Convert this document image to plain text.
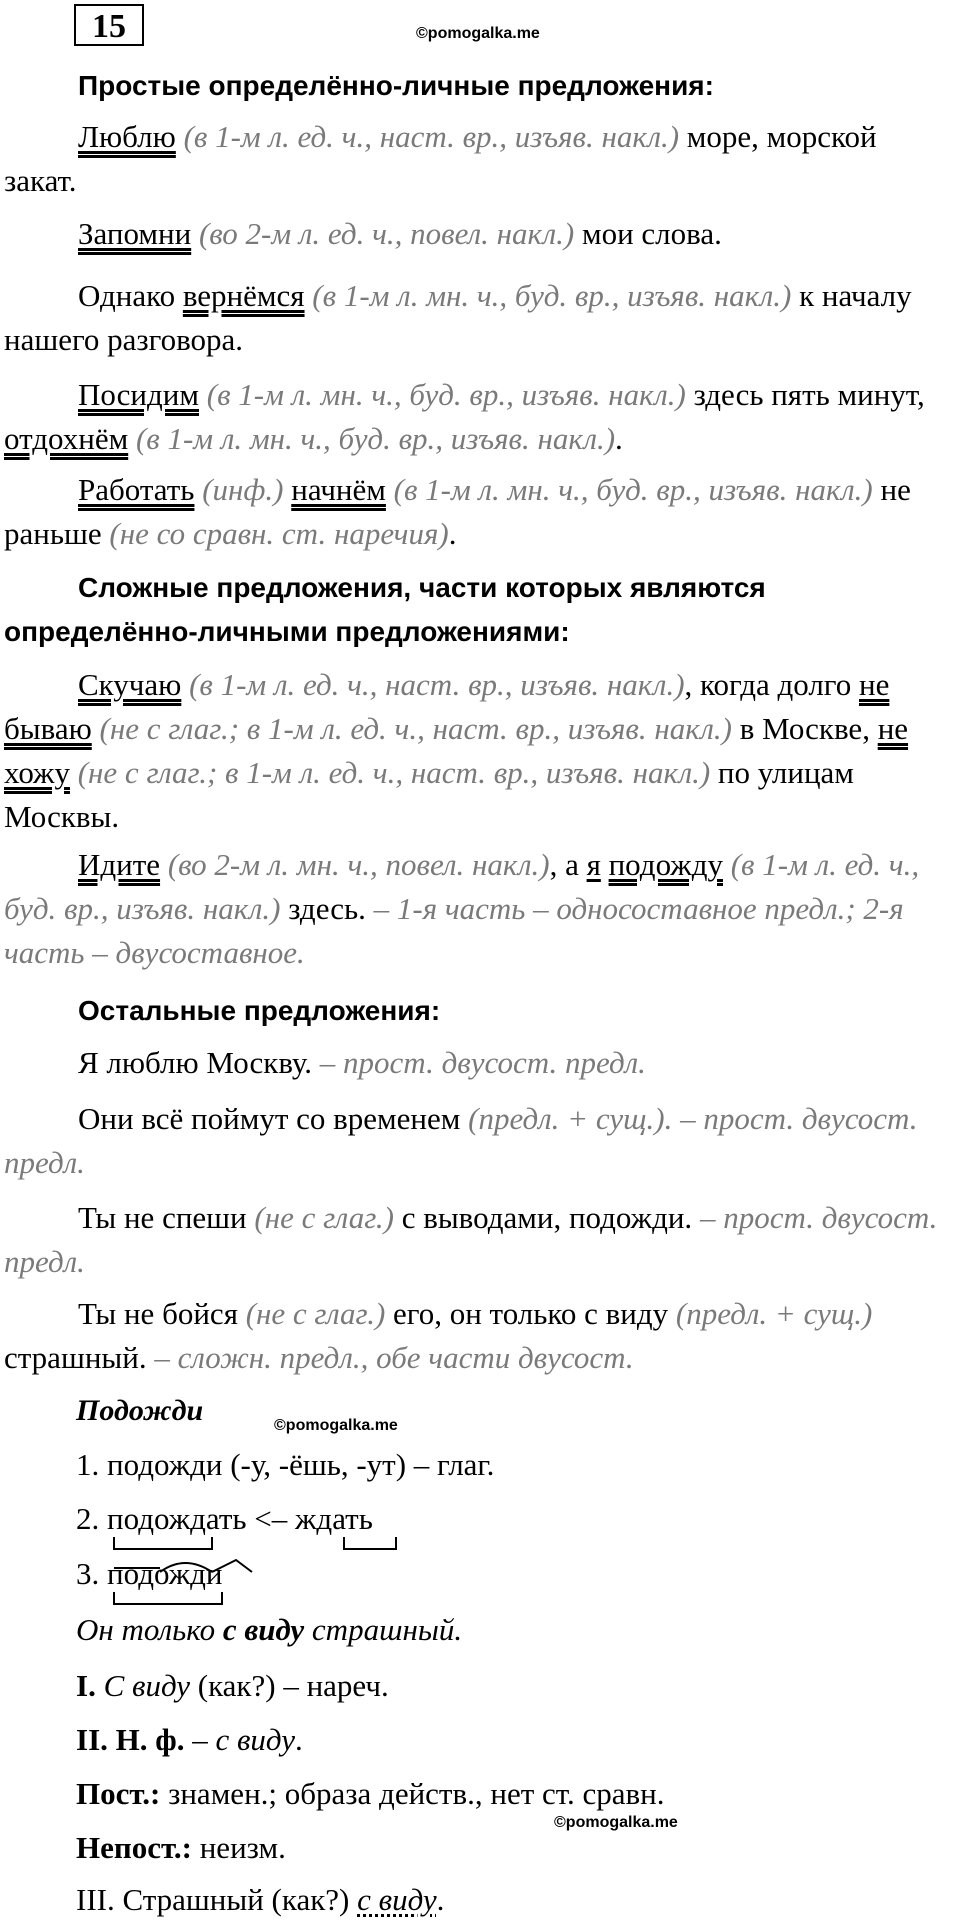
15	©pomogalka.me
Простые определённо-личные предложения:
Люблю (в 1-м л. ед. ч., наст. вр., изъяв. накл.) море, морской закат.
Запомни (во 2-м л. ед. ч., повел. накл.) мои слова.
Однако вернёмся (в 1-м л. мн. ч., буд. вр., изъяв. накл.) к началу нашего разговора.
Посидим (в 1-м л. мн. ч., буд. вр., изъяв. накл.) здесь пять минут, отдохнём (в 1-м л. мн. ч., буд. вр., изъяв. накл.).
Работать (инф.) начнём (в 1-м л. мн. ч., буд. вр., изъяв. накл.) не раньше (не со сравн. ст. наречия).
Сложные предложения, части которых являются определённо-личными предложениями:
Скучаю (в 1-м л. ед. ч., наст. вр., изъяв. накл.), когда долго не бываю (не с глаг.; в 1-м л. ед. ч., наст. вр., изъяв. накл.) в Москве, не хожу (не с глаг.; в 1-м л. ед. ч., наст. вр., изъяв. накл.) по улицам Москвы.
Идите (во 2-м л. мн. ч., повел. накл.), а я подожду (в 1-м л. ед. ч., буд. вр., изъяв. накл.) здесь. – 1-я часть – односоставное предл.; 2-я часть – двусоставное.
Остальные предложения:
Я люблю Москву. – прост. двусост. предл.
Они всё поймут со временем (предл. + сущ.). – прост. двусост. предл.
Ты не спеши (не с глаг.) с выводами, подожди. – прост. двусост. предл.
Ты не бойся (не с глаг.) его, он только с виду (предл. + сущ.) страшный. – сложн. предл., обе части двусост.
Подожди	©pomogalka.me
1. подожди (-у, -ёшь, -ут) – глаг.
2. подождать <– ждать
3. подожди
Он только с виду страшный.
I. С виду (как?) – нареч.
II. Н. ф. – с виду.
Пост.: знамен.; образа действ., нет ст. сравн.
©pomogalka.me
Непост.: неизм.
III. Страшный (как?) с виду.
